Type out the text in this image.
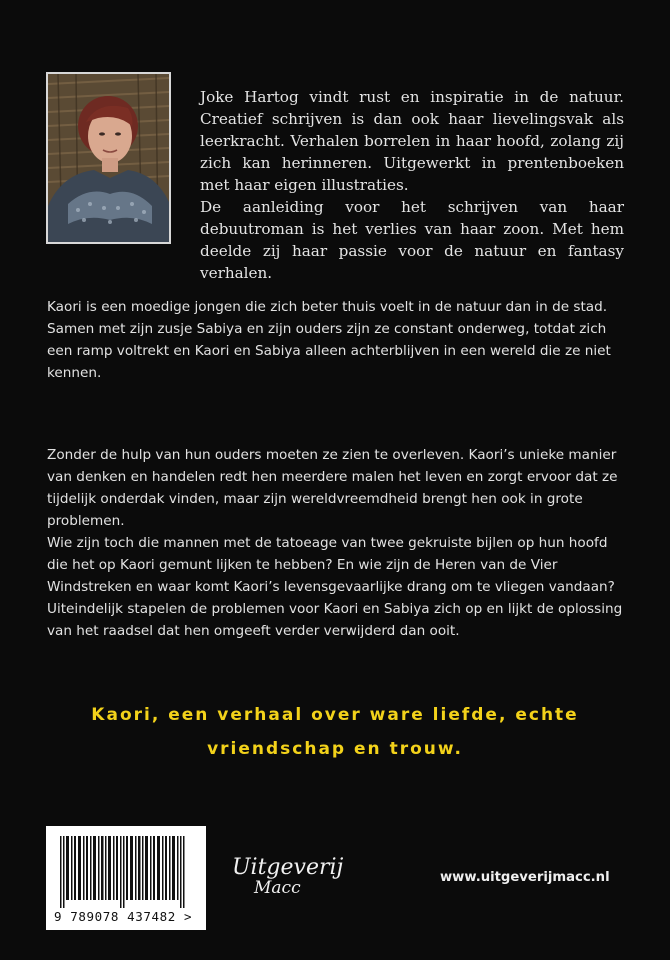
Joke Hartog vindt rust en inspiratie in de natuur. Creatief schrijven is dan ook haar lievelingsvak als leerkracht. Verhalen borrelen in haar hoofd, zolang zij zich kan herinneren. Uitgewerkt in prentenboeken met haar eigen illustraties.

De aanleiding voor het schrijven van haar debuutroman is het verlies van haar zoon. Met hem deelde zij haar passie voor de natuur en fantasy verhalen.

Kaori is een moedige jongen die zich beter thuis voelt in de natuur dan in de stad.

Samen met zijn zusje Sabiya en zijn ouders zijn ze constant onderweg, totdat zich een ramp voltrekt en Kaori en Sabiya alleen achterblijven in een wereld die ze niet kennen.

Zonder de hulp van hun ouders moeten ze zien te overleven. Kaori’s unieke manier van denken en handelen redt hen meerdere malen het leven en zorgt ervoor dat ze tijdelijk onderdak vinden, maar zijn wereldvreemdheid brengt hen ook in grote problemen.

Wie zijn toch die mannen met de tatoeage van twee gekruiste bijlen op hun hoofd die het op Kaori gemunt lijken te hebben? En wie zijn de Heren van de Vier Windstreken en waar komt Kaori’s levensgevaarlijke drang om te vliegen vandaan?

Uiteindelijk stapelen de problemen voor Kaori en Sabiya zich op en lijkt de oplossing van het raadsel dat hen omgeeft verder verwijderd dan ooit.

Kaori, een verhaal over ware liefde, echte
vriendschap en trouw.
9 789078 437482 >
Uitgeverij
Macc
www.uitgeverijmacc.nl
